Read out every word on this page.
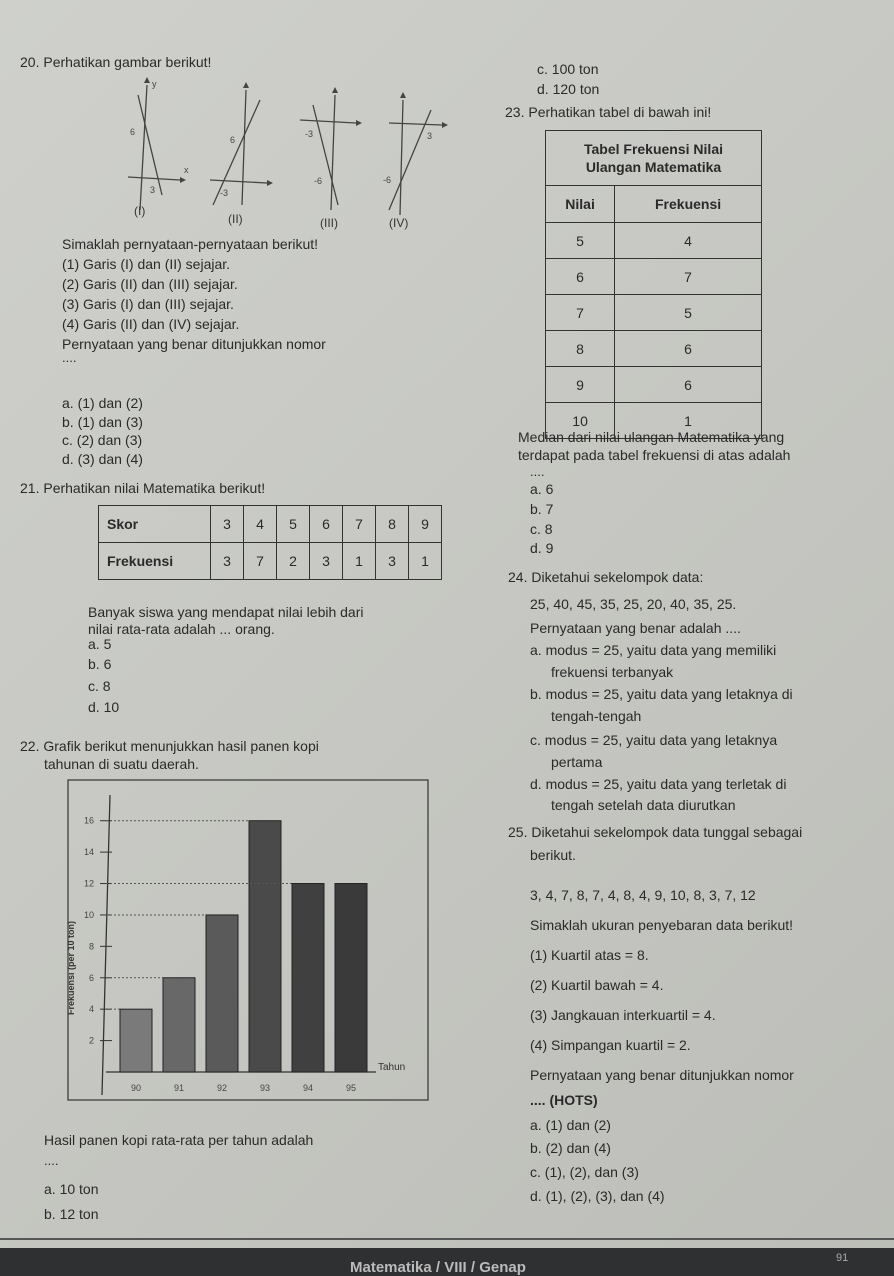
20. Perhatikan gambar berikut!
y
x
6
3
6
-3
-6
-3
-6
3
(I)
(II)	(III)	(IV)
Simaklah pernyataan-pernyataan berikut!
(1) Garis (I) dan (II) sejajar.
(2) Garis (II) dan (III) sejajar.
(3) Garis (I) dan (III) sejajar.
(4) Garis (II) dan (IV) sejajar.
Pernyataan yang benar ditunjukkan nomor
....
a. (1) dan (2)
b. (1) dan (3)
c. (2) dan (3)
d. (3) dan (4)
21. Perhatikan nilai Matematika berikut!
Skor	3	4	5	6	7	8	9
Frekuensi	3	7	2	3	1	3	1
Banyak siswa yang mendapat nilai lebih dari
nilai rata-rata adalah ... orang.
a. 5
b. 6
c. 8
d. 10
22. Grafik berikut menunjukkan hasil panen kopi
tahunan di suatu daerah.
2
4
6
8
10
12
14
16
90	91	92	93	94	95
Tahun
Frekuensi (per 10 ton)
Hasil panen kopi rata-rata per tahun adalah
....
a. 10 ton
b. 12 ton
c. 100 ton
d. 120 ton
23. Perhatikan tabel di bawah ini!
Tabel Frekuensi Nilai
Ulangan Matematika	
Nilai	Frekuensi
5	4
6	7
7	5
8	6
9	6
10	1
Median dari nilai ulangan Matematika yang
terdapat pada tabel frekuensi di atas adalah
....
a. 6
b. 7
c. 8
d. 9
24. Diketahui sekelompok data:
25, 40, 45, 35, 25, 20, 40, 35, 25.
Pernyataan yang benar adalah ....
a. modus = 25, yaitu data yang memiliki
frekuensi terbanyak
b. modus = 25, yaitu data yang letaknya di
tengah-tengah
c. modus = 25, yaitu data yang letaknya
pertama
d. modus = 25, yaitu data yang terletak di
tengah setelah data diurutkan
25. Diketahui sekelompok data tunggal sebagai
berikut.
3, 4, 7, 8, 7, 4, 8, 4, 9, 10, 8, 3, 7, 12
Simaklah ukuran penyebaran data berikut!
(1) Kuartil atas = 8.
(2) Kuartil bawah = 4.
(3) Jangkauan interkuartil = 4.
(4) Simpangan kuartil = 2.
Pernyataan yang benar ditunjukkan nomor
.... (HOTS)
a. (1) dan (2)
b. (2) dan (4)
c. (1), (2), dan (3)
d. (1), (2), (3), dan (4)
Matematika / VIII / Genap
91
